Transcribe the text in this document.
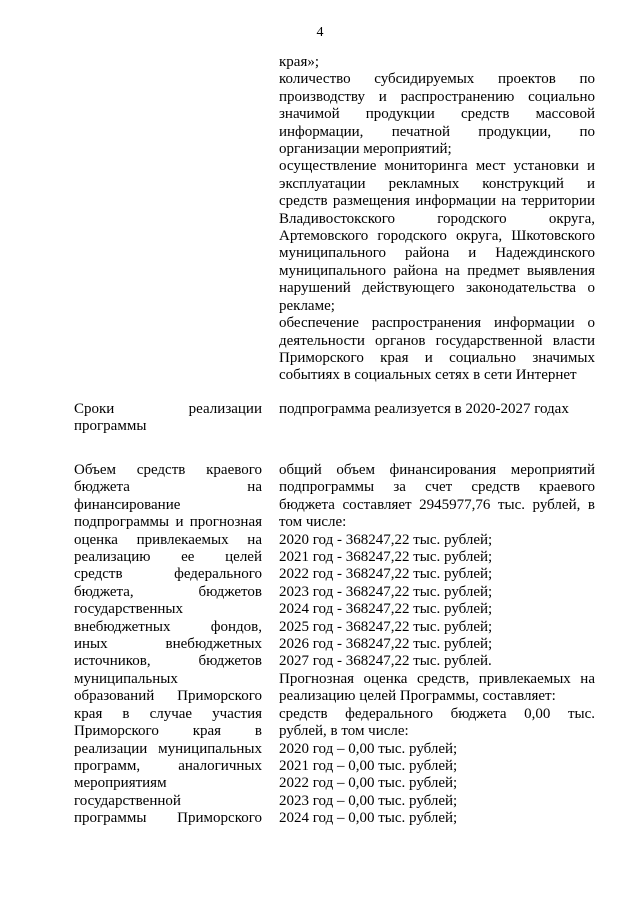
4
края»;
количество субсидируемых проектов по
производству и распространению социально
значимой продукции средств массовой
информации, печатной продукции, по
организации мероприятий;
осуществление мониторинга мест установки и
эксплуатации рекламных конструкций и
средств размещения информации на территории
Владивостокского городского округа,
Артемовского городского округа, Шкотовского
муниципального района и Надеждинского
муниципального района на предмет выявления
нарушений действующего законодательства о
рекламе;
обеспечение распространения информации о
деятельности органов государственной власти
Приморского края и социально значимых
событиях в социальных сетях в сети Интернет
Сроки реализации
программы
подпрограмма реализуется в 2020-2027 годах
Объем средств краевого
бюджета на
финансирование
подпрограммы и прогнозная
оценка привлекаемых на
реализацию ее целей
средств федерального
бюджета, бюджетов
государственных
внебюджетных фондов,
иных внебюджетных
источников, бюджетов
муниципальных
образований Приморского
края в случае участия
Приморского края в
реализации муниципальных
программ, аналогичных
мероприятиям
государственной
программы Приморского
общий объем финансирования мероприятий
подпрограммы за счет средств краевого
бюджета составляет 2945977,76 тыс. рублей, в
том числе:
2020 год - 368247,22 тыс. рублей;
2021 год - 368247,22 тыс. рублей;
2022 год - 368247,22 тыс. рублей;
2023 год - 368247,22 тыс. рублей;
2024 год - 368247,22 тыс. рублей;
2025 год - 368247,22 тыс. рублей;
2026 год - 368247,22 тыс. рублей;
2027 год - 368247,22 тыс. рублей.
Прогнозная оценка средств, привлекаемых на
реализацию целей Программы, составляет:
средств федерального бюджета 0,00 тыс.
рублей, в том числе:
2020 год – 0,00 тыс. рублей;
2021 год – 0,00 тыс. рублей;
2022 год – 0,00 тыс. рублей;
2023 год – 0,00 тыс. рублей;
2024 год – 0,00 тыс. рублей;
